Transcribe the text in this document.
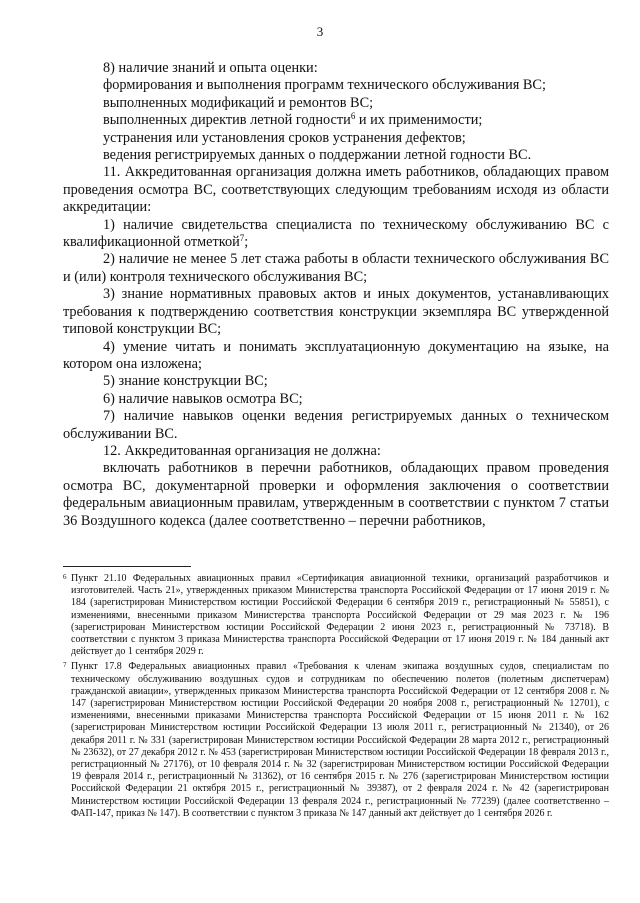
3

8) наличие знаний и опыта оценки:

формирования и выполнения программ технического обслуживания ВС;

выполненных модификаций и ремонтов ВС;

выполненных директив летной годности$^6$ и их применимости;

устранения или установления сроков устранения дефектов;

ведения регистрируемых данных о поддержании летной годности ВС.

11. Аккредитованная организация должна иметь работников, обладающих правом проведения осмотра ВС, соответствующих следующим требованиям исходя из области аккредитации:

1) наличие свидетельства специалиста по техническому обслуживанию ВС с квалификационной отметкой$^7$;

2) наличие не менее 5 лет стажа работы в области технического обслуживания ВС и (или) контроля технического обслуживания ВС;

3) знание нормативных правовых актов и иных документов, устанавливающих требования к подтверждению соответствия конструкции экземпляра ВС утвержденной типовой конструкции ВС;

4) умение читать и понимать эксплуатационную документацию на языке, на котором она изложена;

5) знание конструкции ВС;

6) наличие навыков осмотра ВС;

7) наличие навыков оценки ведения регистрируемых данных о техническом обслуживании ВС.

12. Аккредитованная организация не должна:

включать работников в перечни работников, обладающих правом проведения осмотра ВС, документарной проверки и оформления заключения о соответствии федеральным авиационным правилам, утвержденным в соответствии с пунктом 7 статьи 36 Воздушного кодекса (далее соответственно – перечни работников,

6 Пункт 21.10 Федеральных авиационных правил «Сертификация авиационной техники, организаций разработчиков и изготовителей. Часть 21», утвержденных приказом Министерства транспорта Российской Федерации от 17 июня 2019 г. № 184 (зарегистрирован Министерством юстиции Российской Федерации 6 сентября 2019 г., регистрационный № 55851), с изменениями, внесенными приказом Министерства транспорта Российской Федерации от 29 мая 2023 г. № 196 (зарегистрирован Министерством юстиции Российской Федерации 2 июня 2023 г., регистрационный № 73718). В соответствии с пунктом 3 приказа Министерства транспорта Российской Федерации от 17 июня 2019 г. № 184 данный акт действует до 1 сентября 2029 г.
7 Пункт 17.8 Федеральных авиационных правил «Требования к членам экипажа воздушных судов, специалистам по техническому обслуживанию воздушных судов и сотрудникам по обеспечению полетов (полетным диспетчерам) гражданской авиации», утвержденных приказом Министерства транспорта Российской Федерации от 12 сентября 2008 г. № 147 (зарегистрирован Министерством юстиции Российской Федерации 20 ноября 2008 г., регистрационный № 12701), с изменениями, внесенными приказами Министерства транспорта Российской Федерации от 15 июня 2011 г. № 162 (зарегистрирован Министерством юстиции Российской Федерации 13 июля 2011 г., регистрационный № 21340), от 26 декабря 2011 г. № 331 (зарегистрирован Министерством юстиции Российской Федерации 28 марта 2012 г., регистрационный № 23632), от 27 декабря 2012 г. № 453 (зарегистрирован Министерством юстиции Российской Федерации 18 февраля 2013 г., регистрационный № 27176), от 10 февраля 2014 г. № 32 (зарегистрирован Министерством юстиции Российской Федерации 19 февраля 2014 г., регистрационный № 31362), от 16 сентября 2015 г. № 276 (зарегистрирован Министерством юстиции Российской Федерации 21 октября 2015 г., регистрационный № 39387), от 2 февраля 2024 г. № 42 (зарегистрирован Министерством юстиции Российской Федерации 13 февраля 2024 г., регистрационный № 77239) (далее соответственно – ФАП-147, приказ № 147). В соответствии с пунктом 3 приказа № 147 данный акт действует до 1 сентября 2026 г.
